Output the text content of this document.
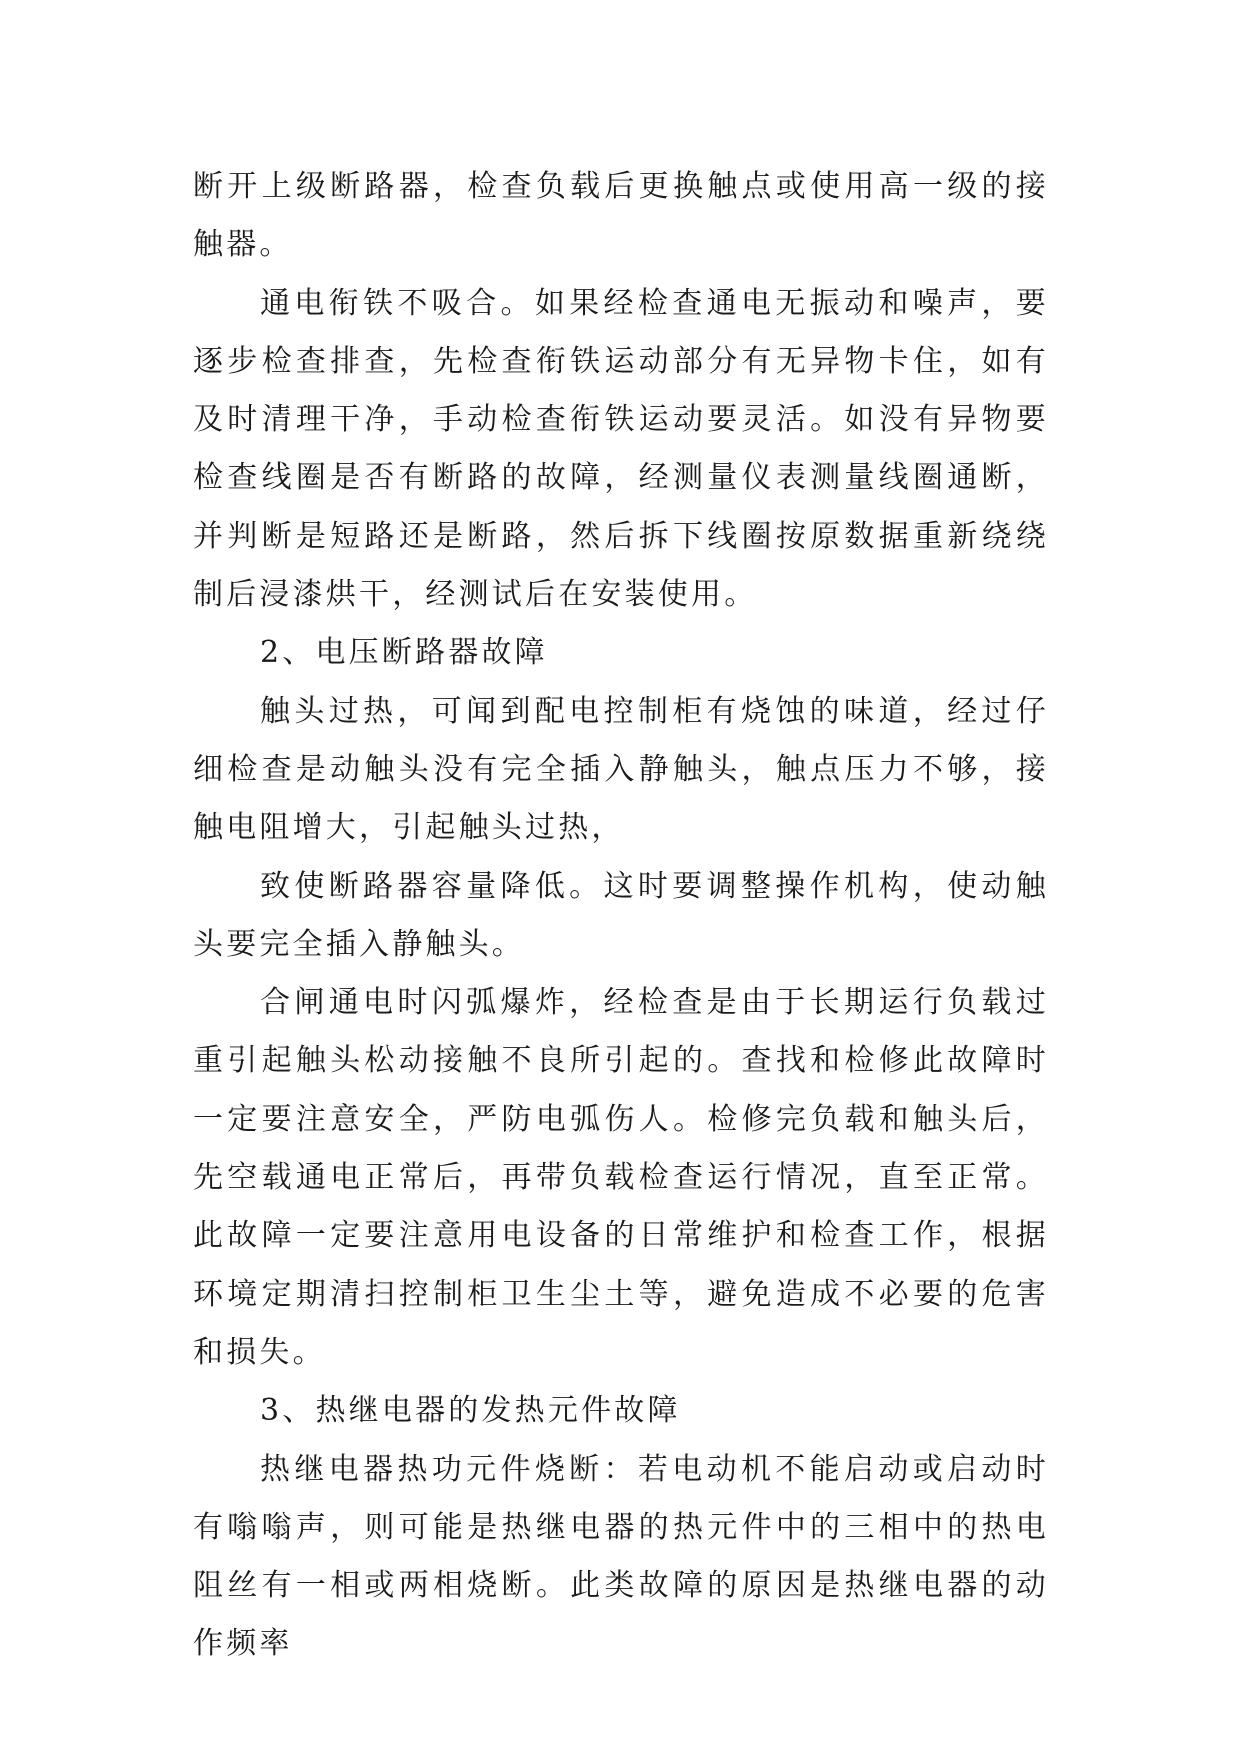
断开上级断路器，检查负载后更换触点或使用高一级的接触器。

通电衔铁不吸合。如果经检查通电无振动和噪声，要逐步检查排查，先检查衔铁运动部分有无异物卡住，如有及时清理干净，手动检查衔铁运动要灵活。如没有异物要检查线圈是否有断路的故障，经测量仪表测量线圈通断，并判断是短路还是断路，然后拆下线圈按原数据重新绕绕制后浸漆烘干，经测试后在安装使用。

2、电压断路器故障

触头过热，可闻到配电控制柜有烧蚀的味道，经过仔细检查是动触头没有完全插入静触头，触点压力不够，接触电阻增大，引起触头过热，

致使断路器容量降低。这时要调整操作机构，使动触头要完全插入静触头。

合闸通电时闪弧爆炸，经检查是由于长期运行负载过重引起触头松动接触不良所引起的。查找和检修此故障时一定要注意安全，严防电弧伤人。检修完负载和触头后，先空载通电正常后，再带负载检查运行情况，直至正常。此故障一定要注意用电设备的日常维护和检查工作，根据环境定期清扫控制柜卫生尘土等，避免造成不必要的危害和损失。

3、热继电器的发热元件故障

热继电器热功元件烧断：若电动机不能启动或启动时有嗡嗡声，则可能是热继电器的热元件中的三相中的热电阻丝有一相或两相烧断。此类故障的原因是热继电器的动作频率
